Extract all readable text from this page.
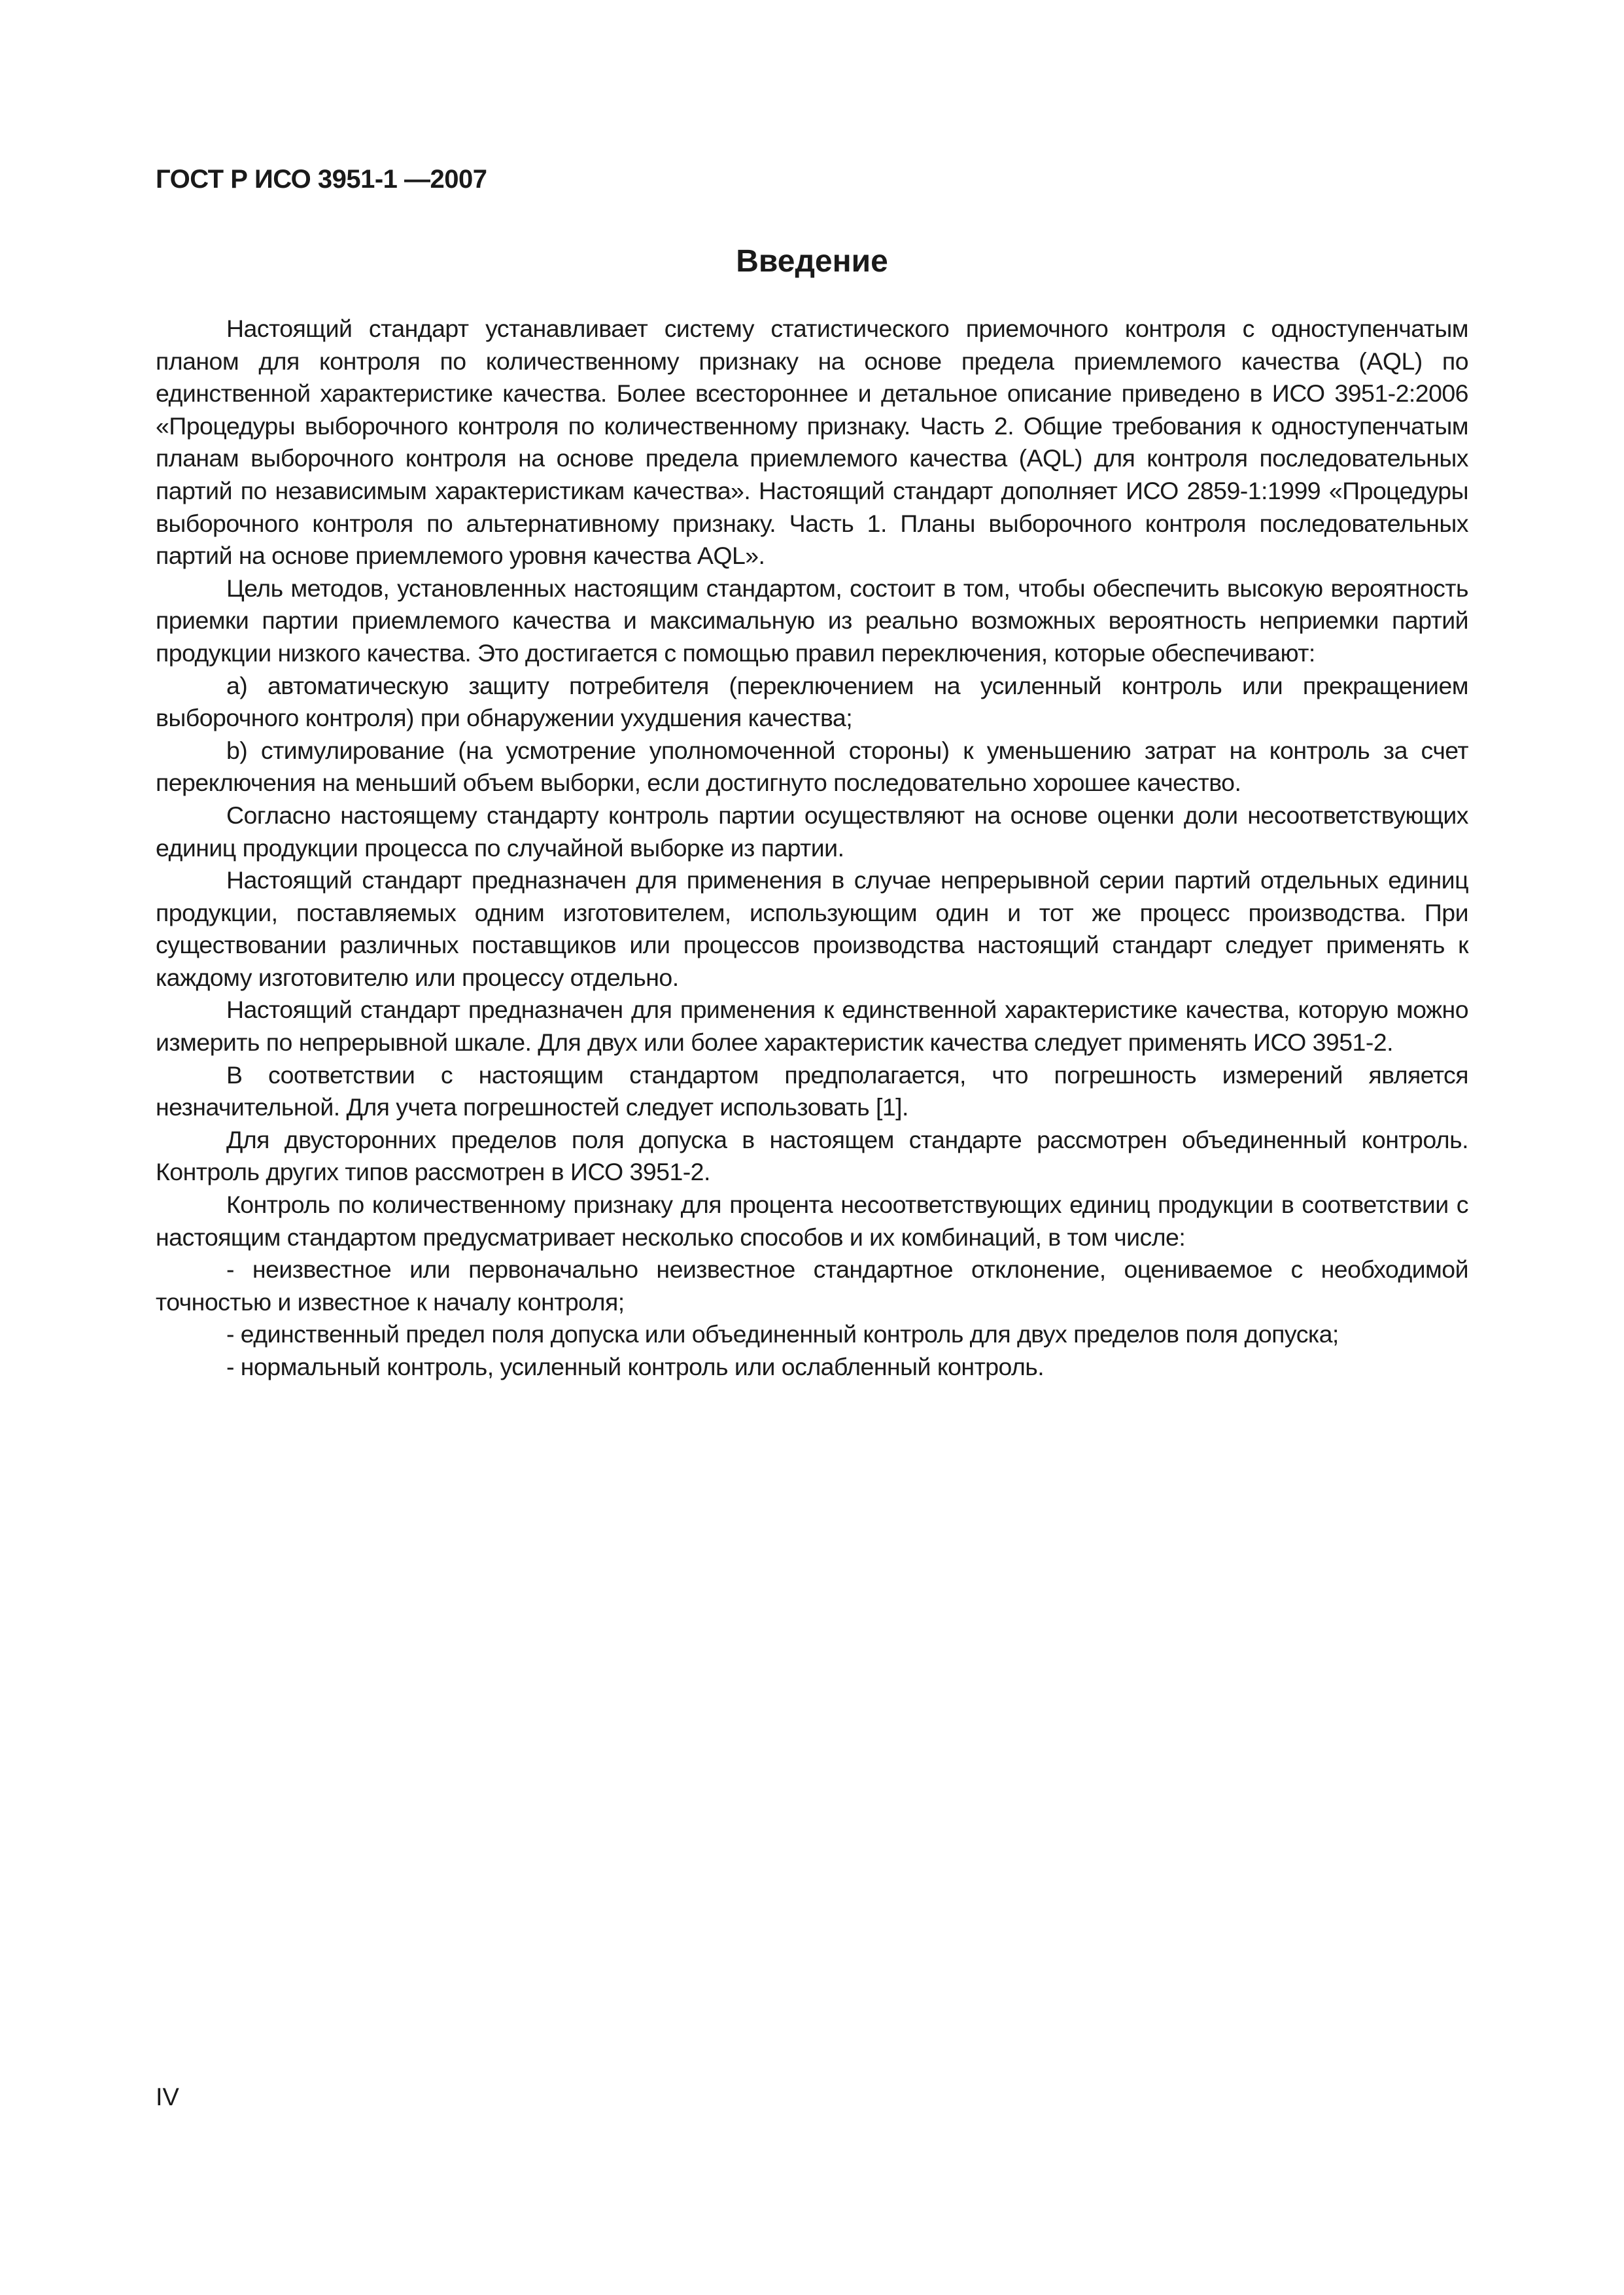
ГОСТ Р ИСО 3951-1 —2007
Введение

Настоящий стандарт устанавливает систему статистического приемочного контроля с одноступенчатым планом для контроля по количественному признаку на основе предела приемлемого качества (AQL) по единственной характеристике качества. Более всестороннее и детальное описание приведено в ИСО 3951-2:2006 «Процедуры выборочного контроля по количественному признаку. Часть 2. Общие требования к одноступенчатым планам выборочного контроля на основе предела приемлемого качества (AQL) для контроля последовательных партий по независимым характеристикам качества». Настоящий стандарт дополняет ИСО 2859-1:1999 «Процедуры выборочного контроля по альтернативному признаку. Часть 1. Планы выборочного контроля последовательных партий на основе приемлемого уровня качества AQL».

Цель методов, установленных настоящим стандартом, состоит в том, чтобы обеспечить высокую вероятность приемки партии приемлемого качества и максимальную из реально возможных вероятность неприемки партий продукции низкого качества. Это достигается с помощью правил переключения, которые обеспечивают:

a) автоматическую защиту потребителя (переключением на усиленный контроль или прекращением выборочного контроля) при обнаружении ухудшения качества;

b) стимулирование (на усмотрение уполномоченной стороны) к уменьшению затрат на контроль за счет переключения на меньший объем выборки, если достигнуто последовательно хорошее качество.

Согласно настоящему стандарту контроль партии осуществляют на основе оценки доли несоответствующих единиц продукции процесса по случайной выборке из партии.

Настоящий стандарт предназначен для применения в случае непрерывной серии партий отдельных единиц продукции, поставляемых одним изготовителем, использующим один и тот же процесс производства. При существовании различных поставщиков или процессов производства настоящий стандарт следует применять к каждому изготовителю или процессу отдельно.

Настоящий стандарт предназначен для применения к единственной характеристике качества, которую можно измерить по непрерывной шкале. Для двух или более характеристик качества следует применять ИСО 3951-2.

В соответствии с настоящим стандартом предполагается, что погрешность измерений является незначительной. Для учета погрешностей следует использовать [1].

Для двусторонних пределов поля допуска в настоящем стандарте рассмотрен объединенный контроль. Контроль других типов рассмотрен в ИСО 3951-2.

Контроль по количественному признаку для процента несоответствующих единиц продукции в соответствии с настоящим стандартом предусматривает несколько способов и их комбинаций, в том числе:

- неизвестное или первоначально неизвестное стандартное отклонение, оцениваемое с необходимой точностью и известное к началу контроля;

- единственный предел поля допуска или объединенный контроль для двух пределов поля допуска;

- нормальный контроль, усиленный контроль или ослабленный контроль.

IV
